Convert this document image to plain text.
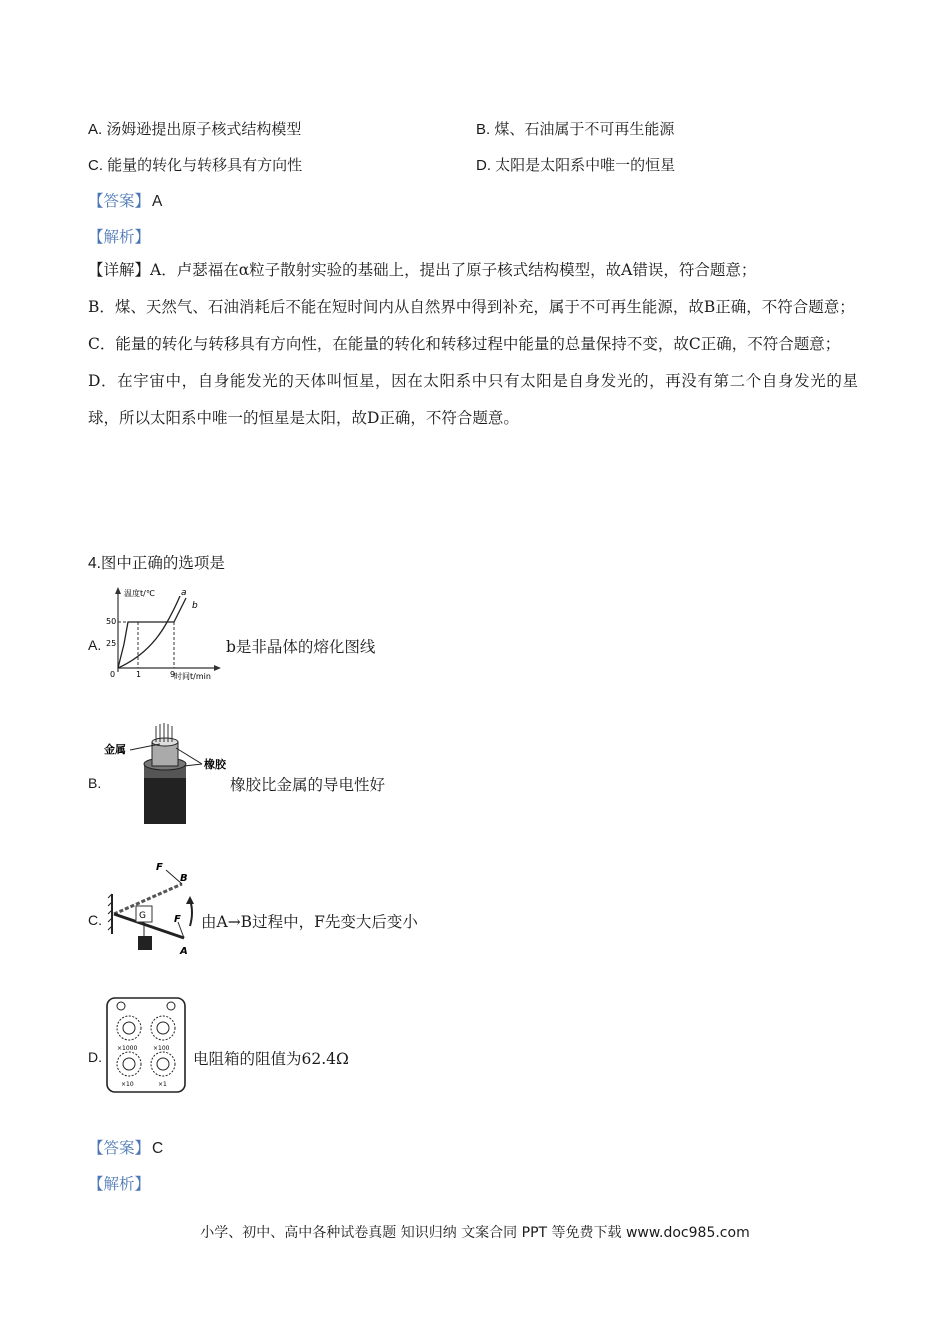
A. 汤姆逊提出原子核式结构模型	B. 煤、石油属于不可再生能源
C. 能量的转化与转移具有方向性	D. 太阳是太阳系中唯一的恒星
【答案】 A
【解析】
【详解】A．卢瑟福在α粒子散射实验的基础上，提出了原子核式结构模型，故A错误，符合题意；
B．煤、天然气、石油消耗后不能在短时间内从自然界中得到补充，属于不可再生能源，故B正确，不符合题意；
C．能量的转化与转移具有方向性，在能量的转化和转移过程中能量的总量保持不变，故C正确，不符合题意；
D．在宇宙中，自身能发光的天体叫恒星，因在太阳系中只有太阳是自身发光的，再没有第二个自身发光的星球，所以太阳系中唯一的恒星是太阳，故D正确，不符合题意。
4.图中正确的选项是
A.
温度t/℃
时间t/min
50
25
0	1	9
a
b
b是非晶体的熔化图线
B.
金属
橡胶
橡胶比金属的导电性好
C.	G
F
B
F
A
由A→B过程中，F先变大后变小
D.
×1000	×100
×10	×1
电阻箱的阻值为62.4Ω
【答案】 C
【解析】
小学、初中、高中各种试卷真题 知识归纳 文案合同 PPT 等免费下载 www.doc985.com
